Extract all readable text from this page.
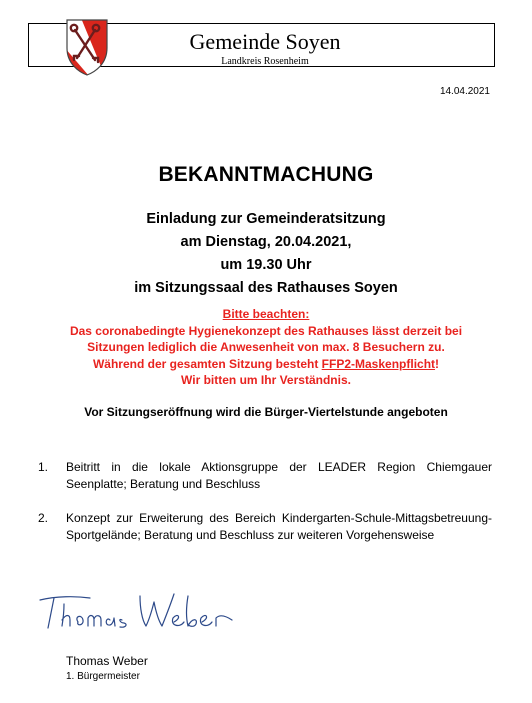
Gemeinde Soyen
Landkreis Rosenheim
14.04.2021
BEKANNTMACHUNG
Einladung zur Gemeinderatsitzung
am Dienstag, 20.04.2021,
um 19.30 Uhr
im Sitzungssaal des Rathauses Soyen
Bitte beachten:
Das coronabedingte Hygienekonzept des Rathauses lässt derzeit bei
Sitzungen lediglich die Anwesenheit von max. 8 Besuchern zu.
Während der gesamten Sitzung besteht FFP2-Maskenpflicht!
Wir bitten um Ihr Verständnis.
Vor Sitzungseröffnung wird die Bürger-Viertelstunde angeboten
1. Beitritt in die lokale Aktionsgruppe der LEADER Region Chiemgauer Seenplatte; Beratung und Beschluss
2. Konzept zur Erweiterung des Bereich Kindergarten-Schule-Mittagsbetreuung-Sportgelände; Beratung und Beschluss zur weiteren Vorgehensweise
Thomas Weber
Thomas Weber
1. Bürgermeister
